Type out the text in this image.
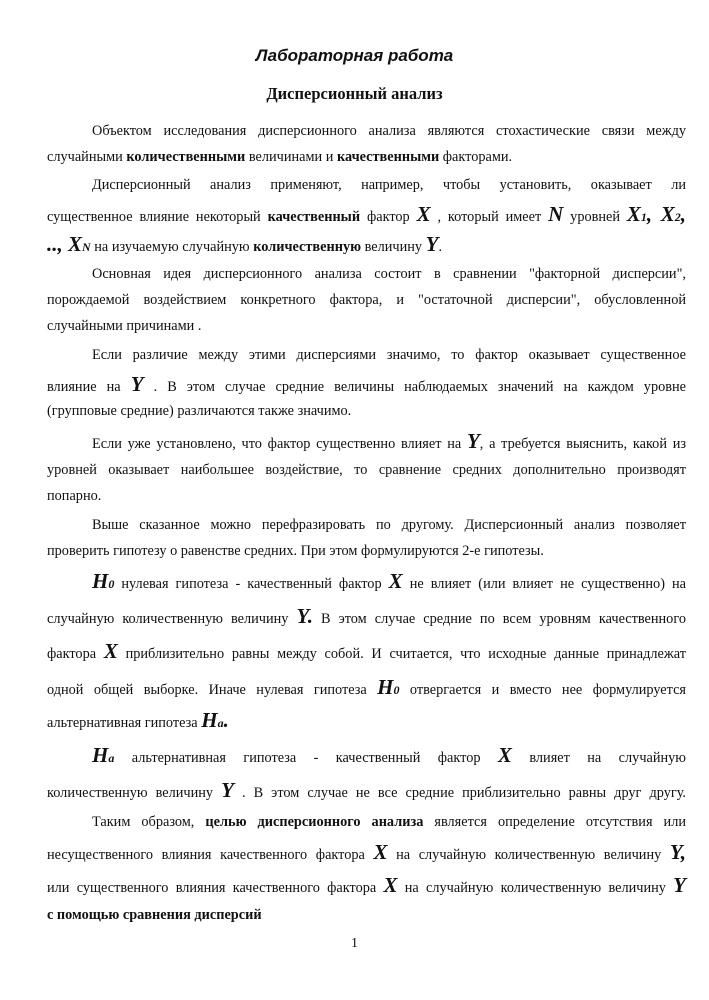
Лабораторная работа
Дисперсионный анализ
Объектом исследования дисперсионного анализа являются стохастические связи между
случайными количественными величинами и качественными факторами.
Дисперсионный анализ применяют, например, чтобы установить, оказывает ли
существенное влияние некоторый качественный фактор X , который имеет N уровней X1, X2,
.., XN на изучаемую случайную количественную величину Y.
Основная идея дисперсионного анализа состоит в сравнении "факторной дисперсии",
порождаемой воздействием конкретного фактора, и "остаточной дисперсии", обусловленной
случайными причинами .
Если различие между этими дисперсиями значимо, то фактор оказывает существенное
влияние на Y . В этом случае средние величины наблюдаемых значений на каждом уровне
(групповые средние) различаются также значимо.
Если уже установлено, что фактор существенно влияет на Y, а требуется выяснить, какой из
уровней оказывает наибольшее воздействие, то сравнение средних дополнительно производят
попарно.
Выше сказанное можно перефразировать по другому. Дисперсионный анализ позволяет
проверить гипотезу о равенстве средних. При этом формулируются 2-е гипотезы.
H0 нулевая гипотеза - качественный фактор X не влияет (или влияет не существенно) на
случайную количественную величину Y. В этом случае средние по всем уровням качественного
фактора X приблизительно равны между собой. И считается, что исходные данные принадлежат
одной общей выборке. Иначе нулевая гипотеза H0 отвергается и вместо нее формулируется
альтернативная гипотеза Ha.
Ha альтернативная гипотеза - качественный фактор X влияет на случайную
количественную величину Y . В этом случае не все средние приблизительно равны друг другу.
Таким образом, целью дисперсионного анализа является определение отсутствия или
несущественного влияния качественного фактора X на случайную количественную величину Y,
или существенного влияния качественного фактора X на случайную количественную величину Y
с помощью сравнения дисперсий
1
